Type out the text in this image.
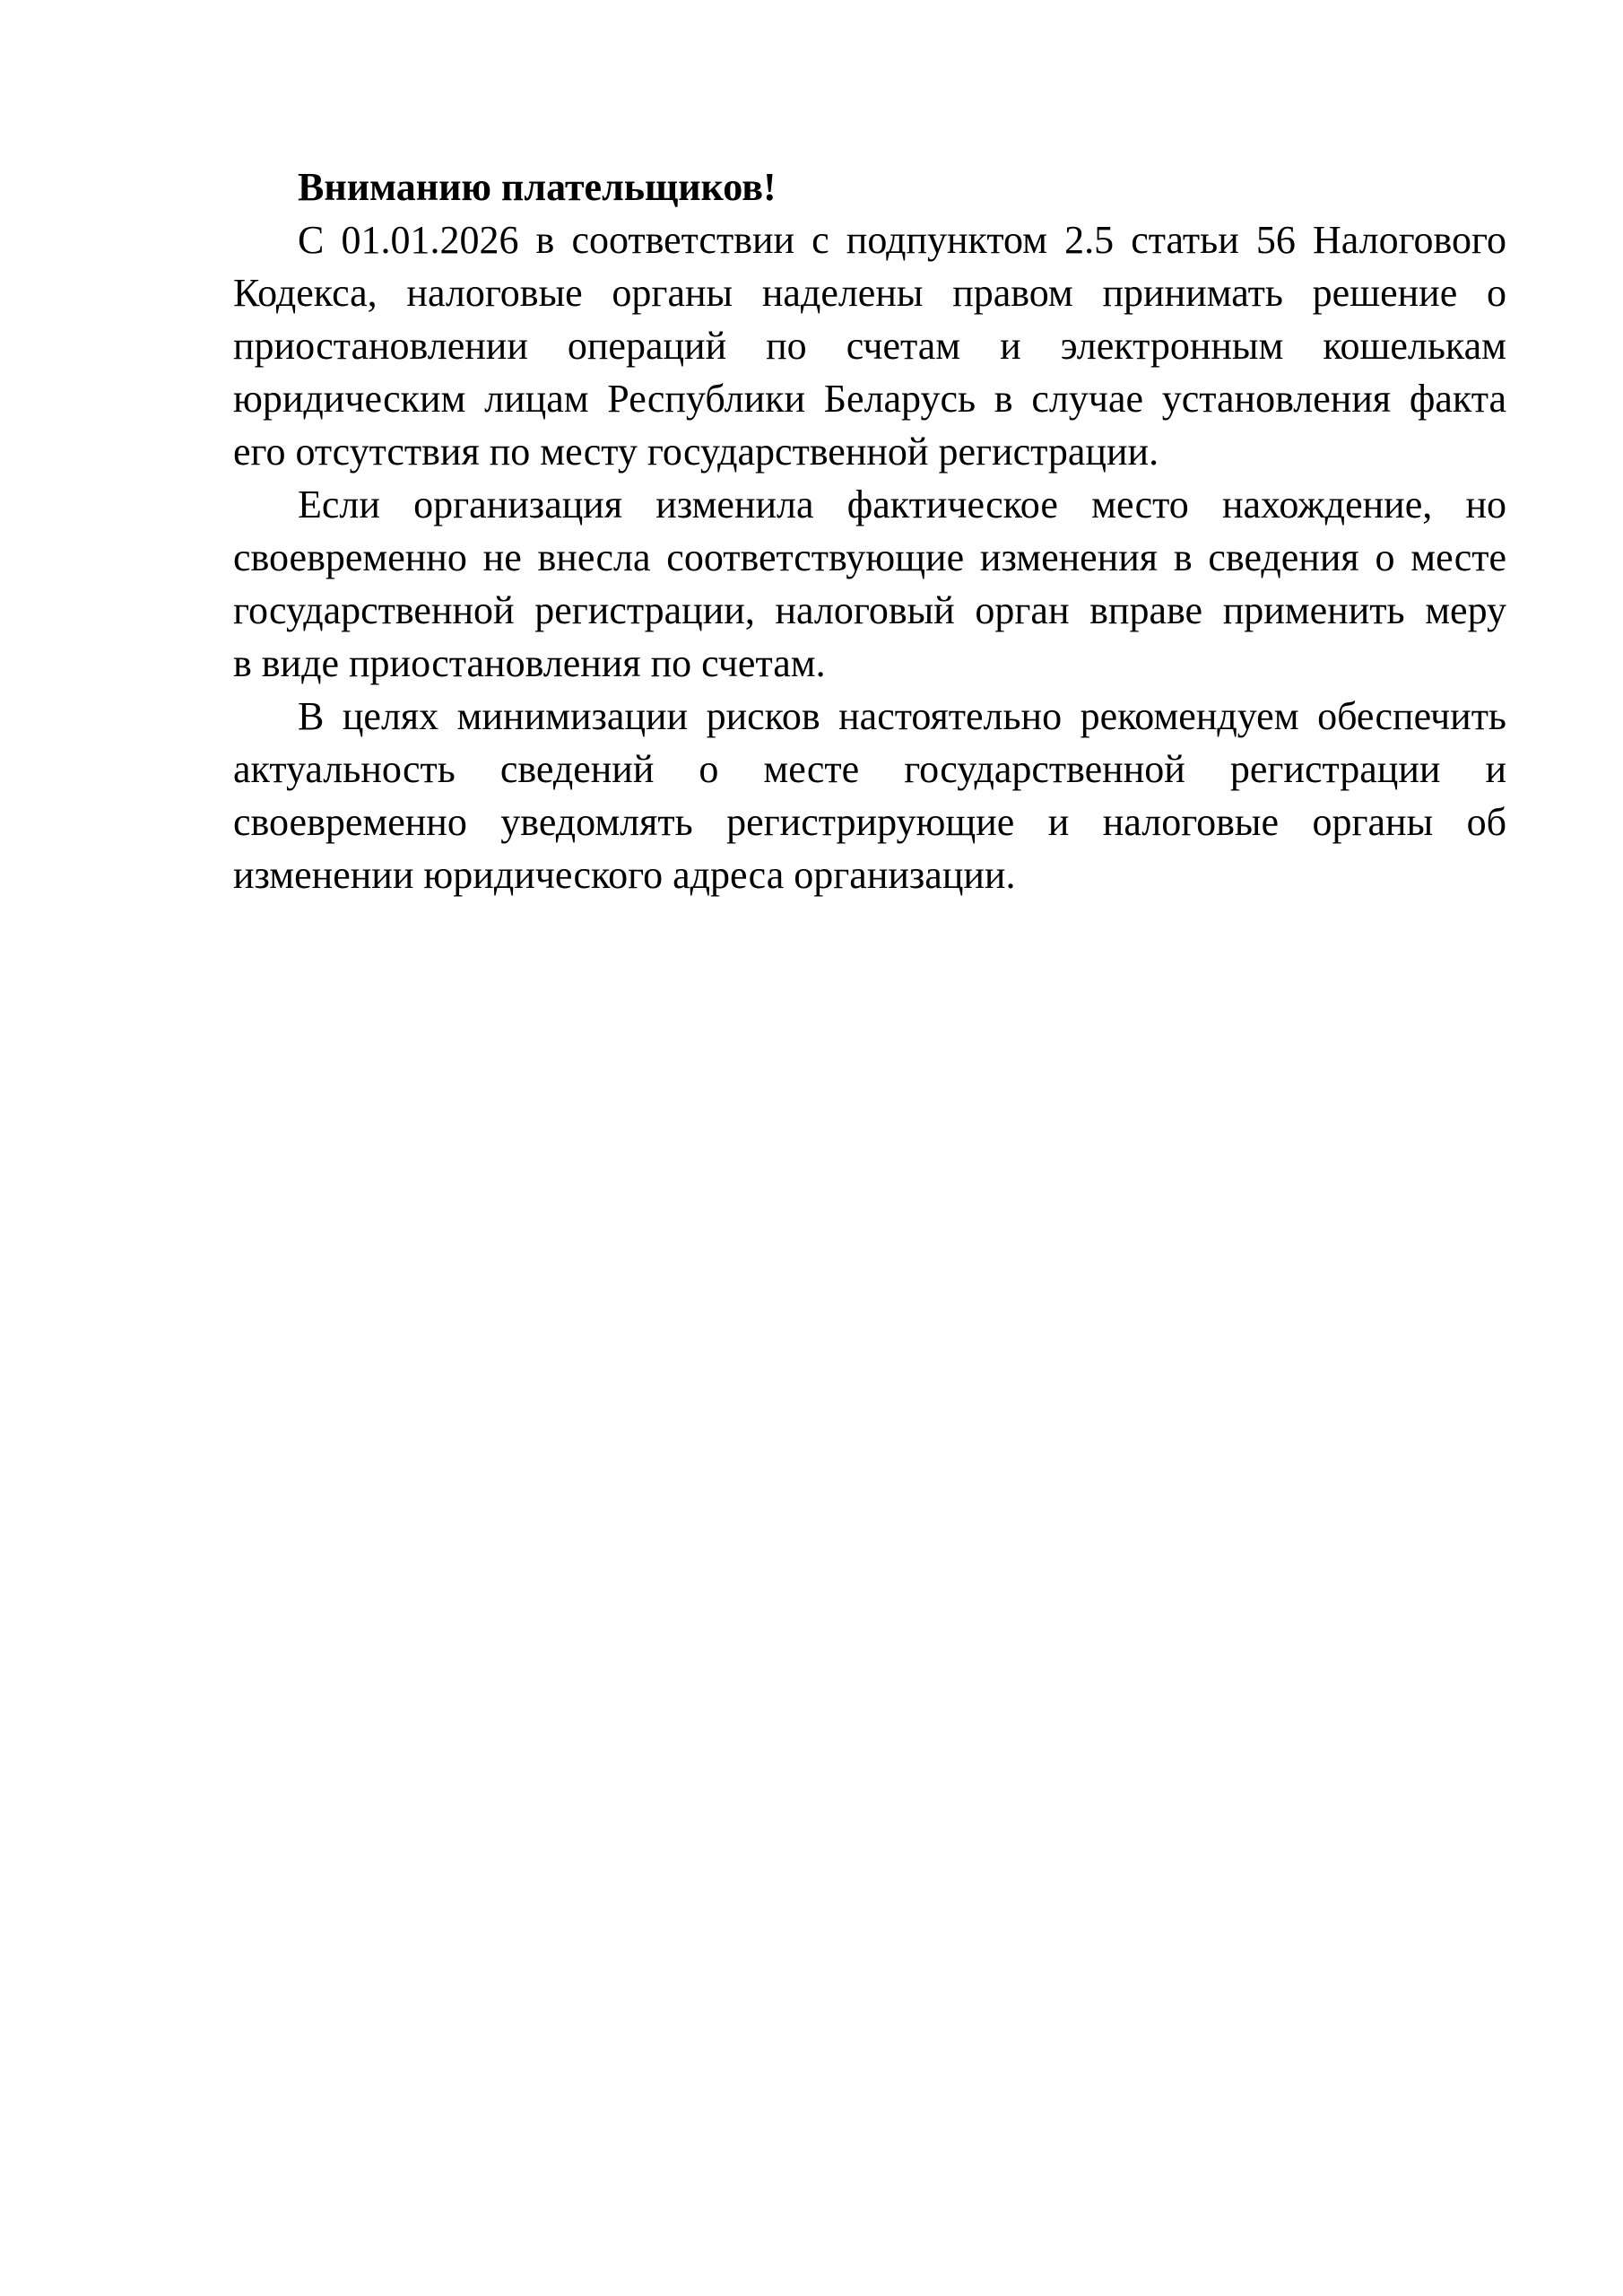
Вниманию плательщиков!

С 01.01.2026 в соответствии с подпунктом 2.5 статьи 56 Налогового

Кодекса, налоговые органы наделены правом принимать решение о

приостановлении операций по счетам и электронным кошелькам

юридическим лицам Республики Беларусь в случае установления факта

его отсутствия по месту государственной регистрации.

Если организация изменила фактическое место нахождение, но

своевременно не внесла соответствующие изменения в сведения о месте

государственной регистрации, налоговый орган вправе применить меру

в виде приостановления по счетам.

В целях минимизации рисков настоятельно рекомендуем обеспечить

актуальность сведений о месте государственной регистрации и

своевременно уведомлять регистрирующие и налоговые органы об

изменении юридического адреса организации.
